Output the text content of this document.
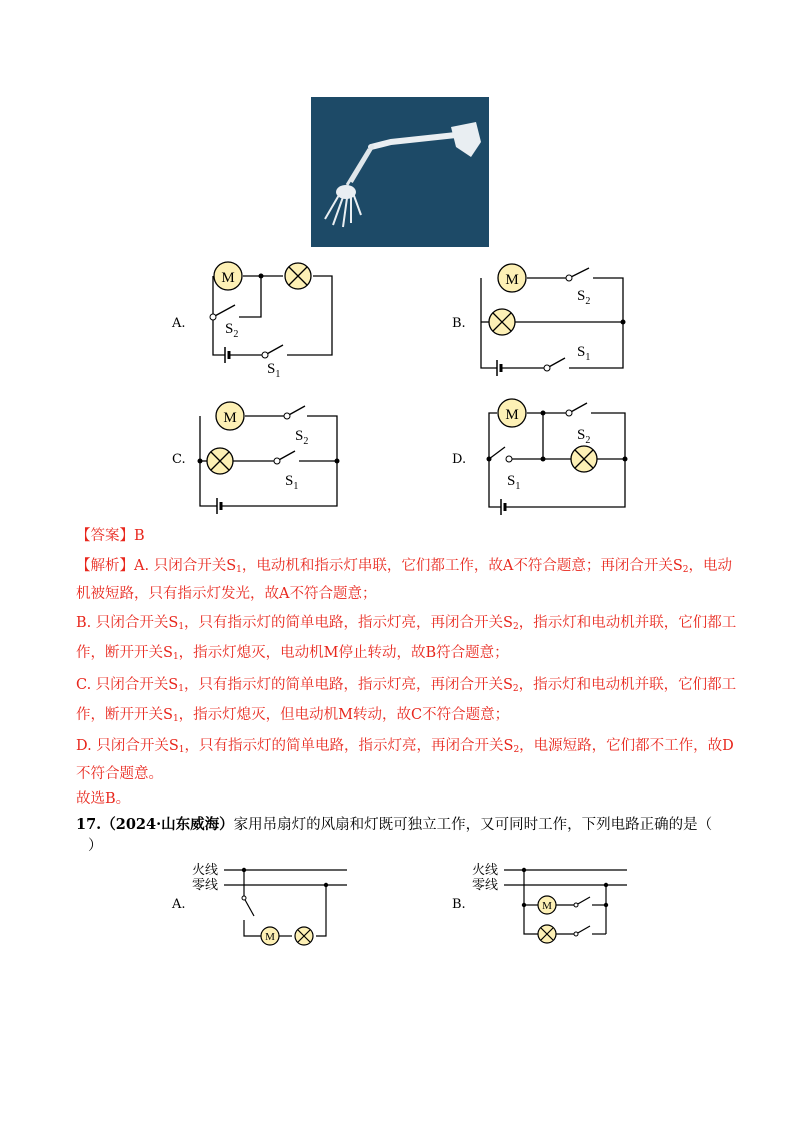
A.
M
$S_2$
$S_1$
B.
M
$S_2$
$S_1$
C.
M
$S_2$
$S_1$
D.
M
$S_2$
$S_1$
【答案】B
【解析】A. 只闭合开关$S_1$，电动机和指示灯串联，它们都工作，故A不符合题意；再闭合开关$S_2$，电动
机被短路，只有指示灯发光，故A不符合题意；
B. 只闭合开关$S_1$，只有指示灯的简单电路，指示灯亮，再闭合开关$S_2$，指示灯和电动机并联，它们都工
作，断开开关$S_1$，指示灯熄灭，电动机M停止转动，故B符合题意；
C. 只闭合开关$S_1$，只有指示灯的简单电路，指示灯亮，再闭合开关$S_2$，指示灯和电动机并联，它们都工
作，断开开关$S_1$，指示灯熄灭，但电动机M转动，故C不符合题意；
D. 只闭合开关$S_1$，只有指示灯的简单电路，指示灯亮，再闭合开关$S_2$，电源短路，它们都不工作，故D
不符合题意。
故选B。
17.（2024·山东威海）家用吊扇灯的风扇和灯既可独立工作，又可同时工作，下列电路正确的是（
）
A.
火线
零线
M
B.
火线
零线
M
